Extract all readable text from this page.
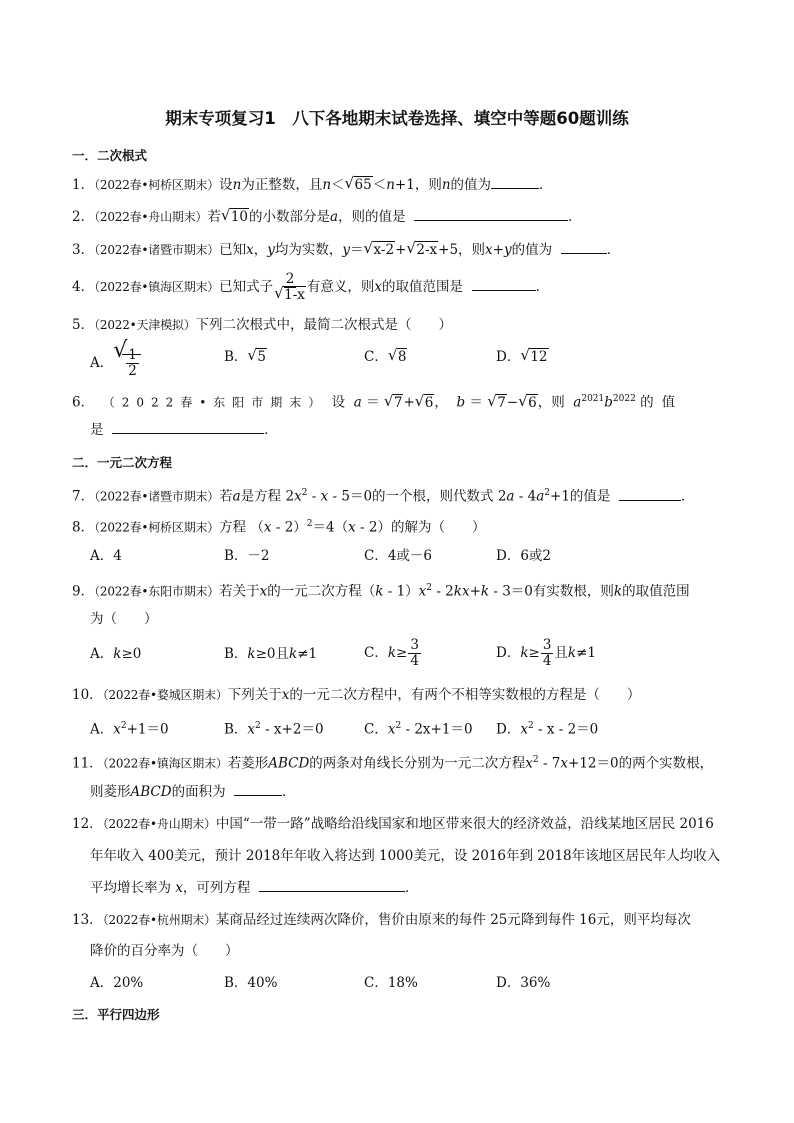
期末专项复习1　八下各地期末试卷选择、填空中等题60题训练
一．二次根式
1．（2022春•柯桥区期末）设n为正整数，且n＜ √ 65＜n+1，则n的值为	．
2．（2022春•舟山期末）若 √ 10的小数部分是a，则的值是	．
3．（2022春•诸暨市期末）已知x，y均为实数，y＝ √ x-2+ √ 2-x+5，则x+y的值为	．
4．（2022春•镇海区期末）已知式子 $\frac{2}{√ 1-x}$ 有意义，则x的取值范围是	．
5．（2022•天津模拟）下列二次根式中，最简二次根式是（　　）
A． √
$\frac{1}{2}$	B． √ 5	C． √ 8	D． √ 12
6． （2022春•东阳市期末） 设 a ＝ √ 7+ √ 6， b ＝ √ 7− √ 6，则 $a^{2021}b^{2022}$ 的值
是	．
二．一元二次方程
7．（2022春•诸暨市期末）若a是方程 $2x^2 - x - 5=0$的一个根，则代数式 $2a - 4a^2+1$的值是	．
8．（2022春•柯桥区期末）方程 （x - 2）$^2$＝4（x - 2）的解为（　　）
A．4	B．－2	C．4或－6	D．6或2
9．（2022春•东阳市期末）若关于x的一元二次方程$(k - 1)x^2 - 2kx+k - 3=0$有实数根，则k的取值范围
为（　　）
A．k≥0	B．k≥0且k≠1	C．$k\ge \frac{3}{4}$	D．$k\ge \frac{3}{4}$ 且k≠1
10．（2022春•婺城区期末）下列关于x的一元二次方程中，有两个不相等实数根的方程是（　　）
A．$x^2+1=0$	B．$x^2 - x+2=0$	C．$x^2 - 2x+1=0$ D．$x^2 - x - 2=0$
11．（2022春•镇海区期末）若菱形ABCD的两条对角线长分别为一元二次方程$x^2 - 7x+12=0$的两个实数根，
则菱形ABCD的面积为	．
12．（2022春•舟山期末）中国“一带一路”战略给沿线国家和地区带来很大的经济效益，沿线某地区居民 2016
年年收入 400美元，预计 2018年年收入将达到 1000美元，设 2016年到 2018年该地区居民年人均收入
平均增长率为 x，可列方程	．
13．（2022春•杭州期末）某商品经过连续两次降价，售价由原来的每件 25元降到每件 16元，则平均每次
降价的百分率为（　　）
A．20%	B．40%	C．18%	D．36%
三．平行四边形
